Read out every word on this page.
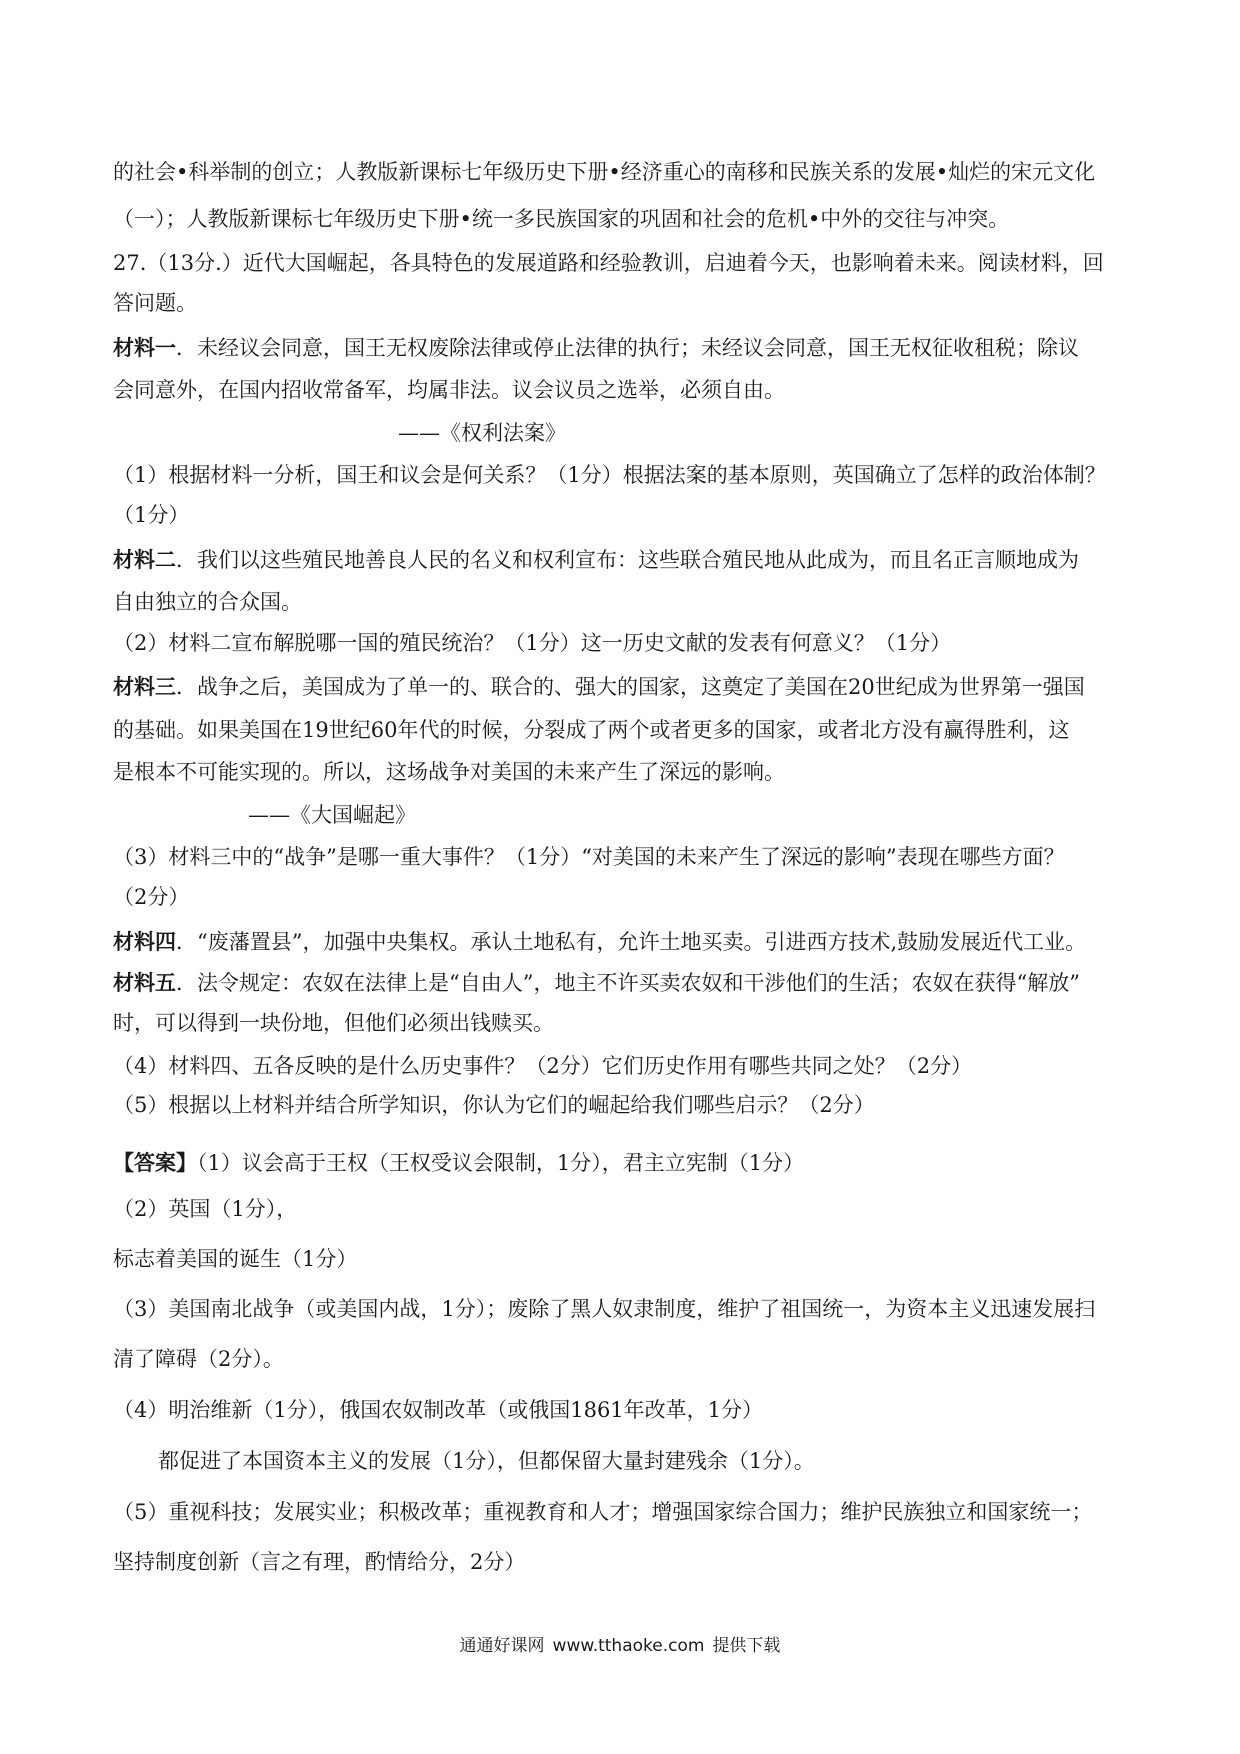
的社会•科举制的创立；人教版新课标七年级历史下册•经济重心的南移和民族关系的发展•灿烂的宋元文化
（一）；人教版新课标七年级历史下册•统一多民族国家的巩固和社会的危机•中外的交往与冲突。
27.（13分.）近代大国崛起，各具特色的发展道路和经验教训，启迪着今天，也影响着未来。阅读材料，回
答问题。
材料一．未经议会同意，国王无权废除法律或停止法律的执行；未经议会同意，国王无权征收租税；除议
会同意外，在国内招收常备军，均属非法。议会议员之选举，必须自由。
——《权利法案》
（1）根据材料一分析，国王和议会是何关系？（1分）根据法案的基本原则，英国确立了怎样的政治体制？
（1分）
材料二．我们以这些殖民地善良人民的名义和权利宣布：这些联合殖民地从此成为，而且名正言顺地成为
自由独立的合众国。
（2）材料二宣布解脱哪一国的殖民统治？（1分）这一历史文献的发表有何意义？（1分）
材料三．战争之后，美国成为了单一的、联合的、强大的国家，这奠定了美国在20世纪成为世界第一强国
的基础。如果美国在19世纪60年代的时候，分裂成了两个或者更多的国家，或者北方没有赢得胜利，这
是根本不可能实现的。所以，这场战争对美国的未来产生了深远的影响。
——《大国崛起》
（3）材料三中的“战争”是哪一重大事件？（1分）“对美国的未来产生了深远的影响”表现在哪些方面？
（2分）
材料四．“废藩置县”，加强中央集权。承认土地私有，允许土地买卖。引进西方技术,鼓励发展近代工业。
材料五．法令规定：农奴在法律上是“自由人”，地主不许买卖农奴和干涉他们的生活；农奴在获得“解放”
时，可以得到一块份地，但他们必须出钱赎买。
（4）材料四、五各反映的是什么历史事件？（2分）它们历史作用有哪些共同之处？（2分）
（5）根据以上材料并结合所学知识，你认为它们的崛起给我们哪些启示？（2分）
【答案】（1）议会高于王权（王权受议会限制，1分），君主立宪制（1分）
（2）英国（1分），
标志着美国的诞生（1分）
（3）美国南北战争（或美国内战，1分）；废除了黑人奴隶制度，维护了祖国统一，为资本主义迅速发展扫
清了障碍（2分）。
（4）明治维新（1分），俄国农奴制改革（或俄国1861年改革，1分）
都促进了本国资本主义的发展（1分），但都保留大量封建残余（1分）。
（5）重视科技；发展实业；积极改革；重视教育和人才；增强国家综合国力；维护民族独立和国家统一；
坚持制度创新（言之有理，酌情给分，2分）
通通好课网 www.tthaoke.com 提供下载
